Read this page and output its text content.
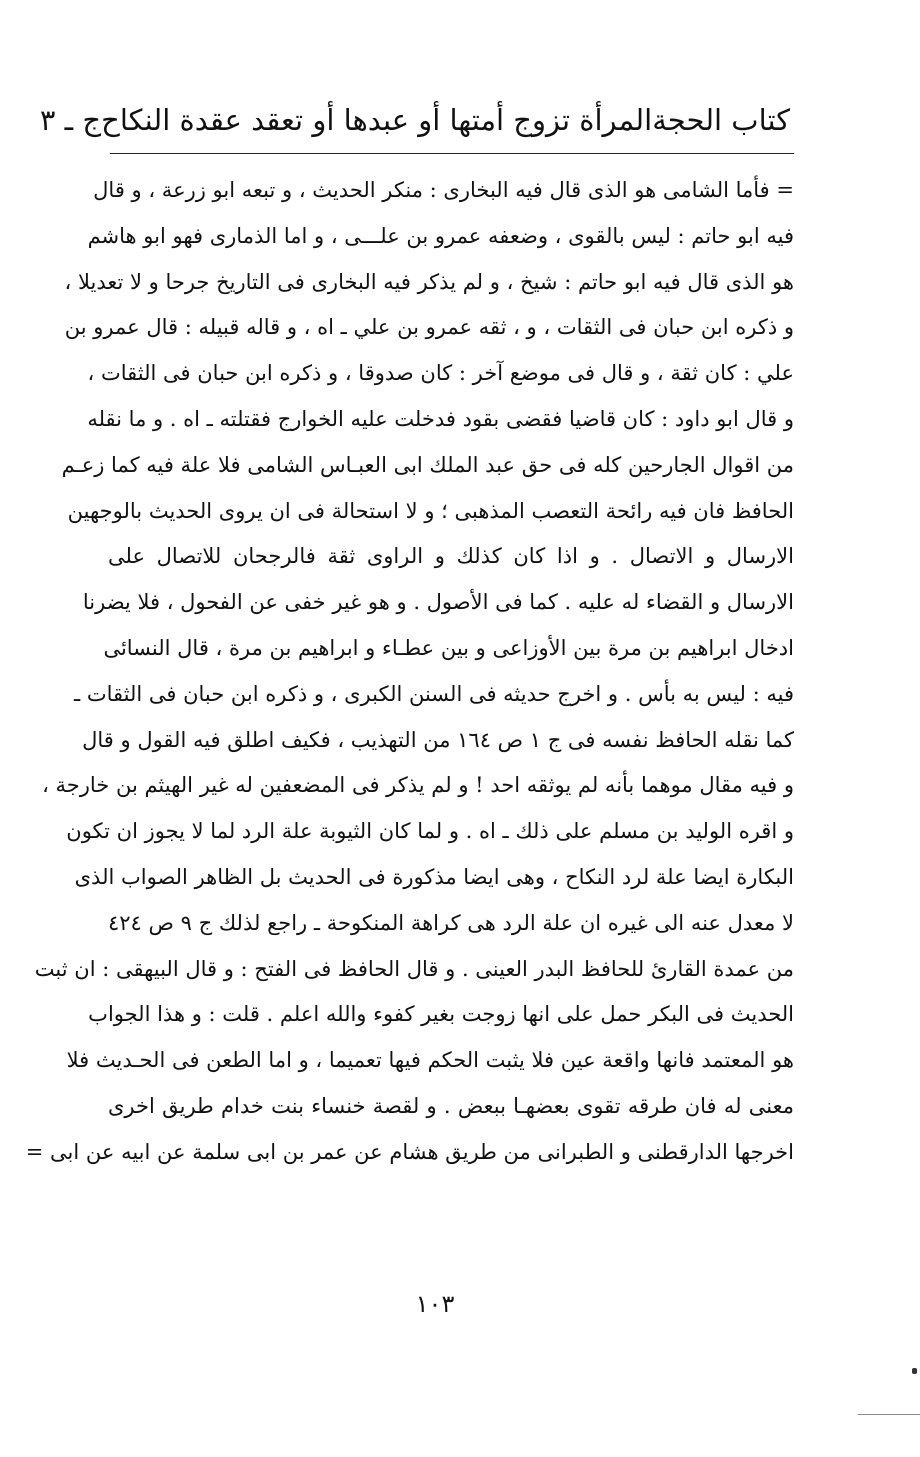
كتاب الحجة
المرأة تزوج أمتها أو عبدها أو تعقد عقدة النكاح
ج ـ ٣
= فأما الشامى هو الذى قال فيه البخارى : منكر الحديث ، و تبعه ابو زرعة ، و قال
فيه ابو حاتم : ليس بالقوى ، وضعفه عمرو بن علـــى ، و اما الذمارى فهو ابو هاشم
هو الذى قال فيه ابو حاتم : شيخ ، و لم يذكر فيه البخارى فى التاريخ جرحا و لا تعديلا ،
و ذكره ابن حبان فى الثقات ، و ، ثقه عمرو بن علي ـ اه ، و قاله قبيله : قال عمرو بن
علي : كان ثقة ، و قال فى موضع آخر : كان صدوقا ، و ذكره ابن حبان فى الثقات ،
و قال ابو داود : كان قاضيا فقضى بقود فدخلت عليه الخوارج فقتلته ـ اه . و ما نقله
من اقوال الجارحين كله فى حق عبد الملك ابى العبـاس الشامى فلا علة فيه كما زعـم
الحافظ فان فيه رائحة التعصب المذهبى ؛ و لا استحالة فى ان يروى الحديث بالوجهين
الارسال و الاتصال . و اذا كان كذلك و الراوى ثقة فالرجحان للاتصال على
الارسال و القضاء له عليه . كما فى الأصول . و هو غير خفى عن الفحول ، فلا يضرنا
ادخال ابراهيم بن مرة بين الأوزاعى و بين عطـاء و ابراهيم بن مرة ، قال النسائى
فيه : ليس به بأس . و اخرج حديثه فى السنن الكبرى ، و ذكره ابن حبان فى الثقات ـ
كما نقله الحافظ نفسه فى ج ١ ص ١٦٤ من التهذيب ، فكيف اطلق فيه القول و قال
و فيه مقال موهما بأنه لم يوثقه احد ! و لم يذكر فى المضعفين له غير الهيثم بن خارجة ،
و اقره الوليد بن مسلم على ذلك ـ اه . و لما كان الثيوبة علة الرد لما لا يجوز ان تكون
البكارة ايضا علة لرد النكاح ، وهى ايضا مذكورة فى الحديث بل الظاهر الصواب الذى
لا معدل عنه الى غيره ان علة الرد هى كراهة المنكوحة ـ راجع لذلك ج ٩ ص ٤٢٤
من عمدة القارئ للحافظ البدر العينى . و قال الحافظ فى الفتح : و قال البيهقى : ان ثبت
الحديث فى البكر حمل على انها زوجت بغير كفوء والله اعلم . قلت : و هذا الجواب
هو المعتمد فانها واقعة عين فلا يثبت الحكم فيها تعميما ، و اما الطعن فى الحـديث فلا
معنى له فان طرقه تقوى بعضهـا ببعض . و لقصة خنساء بنت خدام طريق اخرى
اخرجها الدارقطنى و الطبرانى من طريق هشام عن عمر بن ابى سلمة عن ابيه عن ابى =
١٠٣
